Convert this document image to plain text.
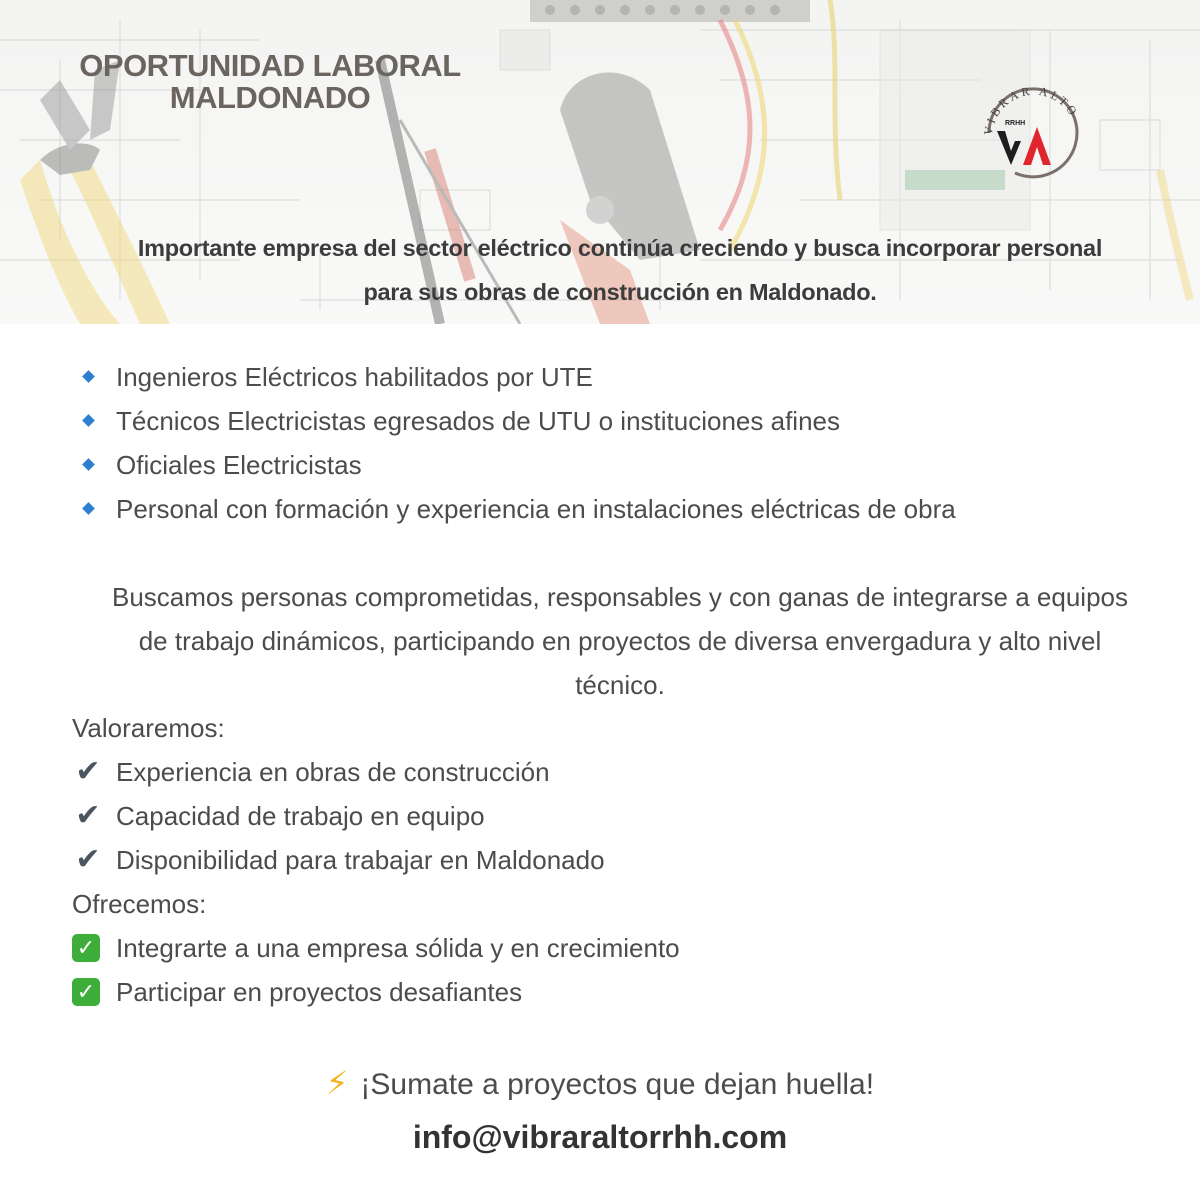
OPORTUNIDAD LABORAL
MALDONADO
VIBRAR ALTO
RRHH
Importante empresa del sector eléctrico continúa creciendo y busca incorporar personal
para sus obras de construcción en Maldonado.
Ingenieros Eléctricos habilitados por UTE
Técnicos Electricistas egresados de UTU o instituciones afines
Oficiales Electricistas
Personal con formación y experiencia en instalaciones eléctricas de obra
Buscamos personas comprometidas, responsables y con ganas de integrarse a equipos
de trabajo dinámicos, participando en proyectos de diversa envergadura y alto nivel
técnico.
Valoraremos:
✔ Experiencia en obras de construcción
✔ Capacidad de trabajo en equipo
✔ Disponibilidad para trabajar en Maldonado
Ofrecemos:
✓ Integrarte a una empresa sólida y en crecimiento
✓ Participar en proyectos desafiantes
⚡ ¡Sumate a proyectos que dejan huella!
info@vibraraltorrhh.com
